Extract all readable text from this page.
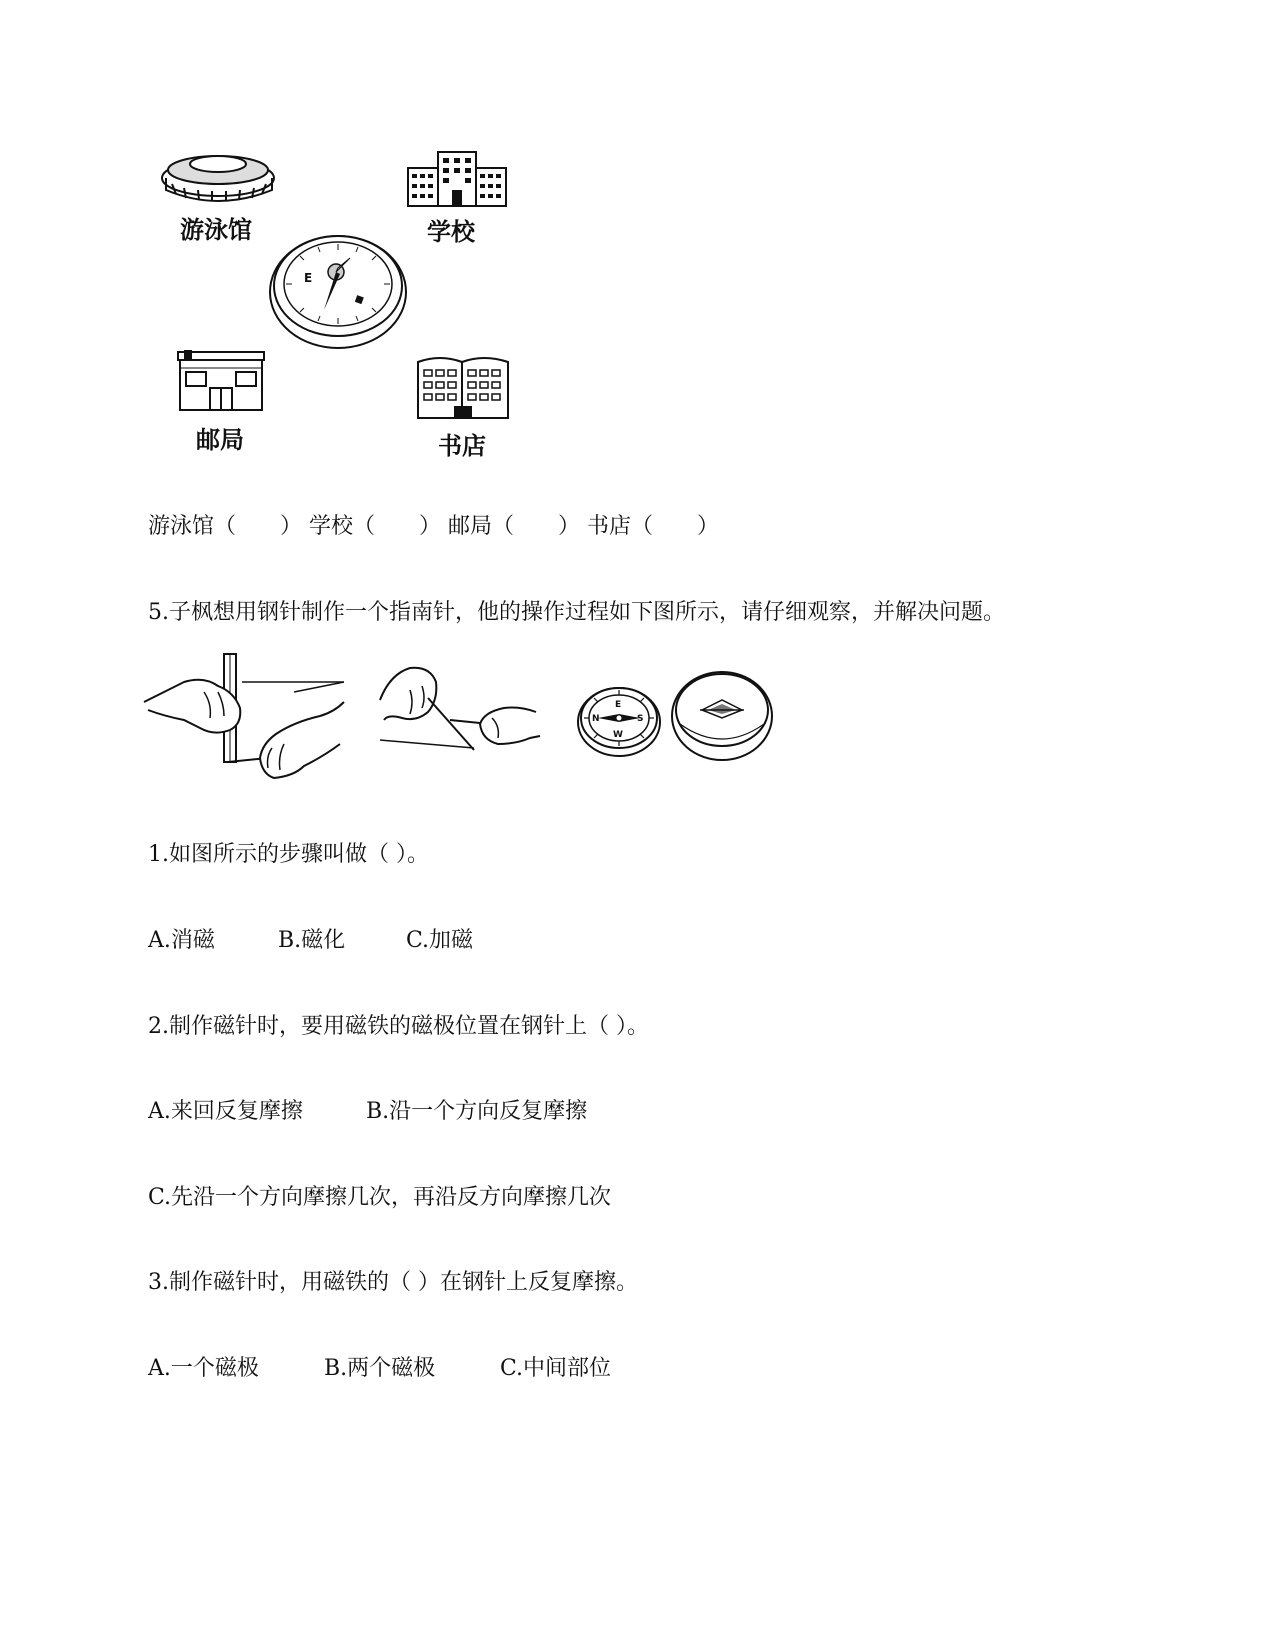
游泳馆	学校
E
邮局	书店
游泳馆（　　） 学校（　　） 邮局（　　） 书店（　　）
5.子枫想用钢针制作一个指南针，他的操作过程如下图所示，请仔细观察，并解决问题。
E
S
W
N
1.如图所示的步骤叫做（ ）。
A.消磁	B.磁化	C.加磁
2.制作磁针时，要用磁铁的磁极位置在钢针上（ ）。
A.来回反复摩擦	B.沿一个方向反复摩擦
C.先沿一个方向摩擦几次，再沿反方向摩擦几次
3.制作磁针时，用磁铁的（ ）在钢针上反复摩擦。
A.一个磁极	B.两个磁极	C.中间部位
